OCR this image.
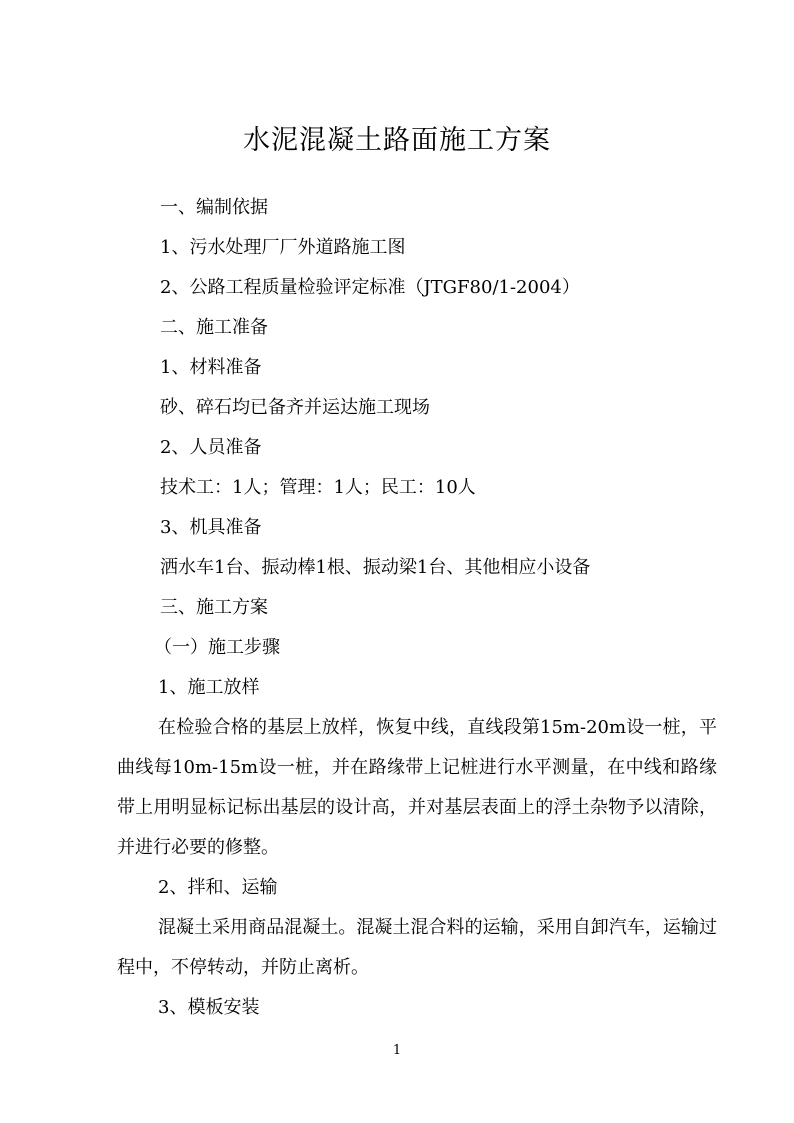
水泥混凝土路面施工方案
一、编制依据
1、污水处理厂厂外道路施工图
2、公路工程质量检验评定标准（JTGF80/1-2004）
二、施工准备
1、材料准备
砂、碎石均已备齐并运达施工现场
2、人员准备
技术工：1人；管理：1人；民工：10人
3、机具准备
洒水车1台、振动棒1根、振动梁1台、其他相应小设备
三、施工方案
（一）施工步骤
1、施工放样
在检验合格的基层上放样，恢复中线，直线段第15m-20m设一桩，平曲线每10m-15m设一桩，并在路缘带上记桩进行水平测量，在中线和路缘带上用明显标记标出基层的设计高，并对基层表面上的浮土杂物予以清除，并进行必要的修整。
2、拌和、运输
混凝土采用商品混凝土。混凝土混合料的运输，采用自卸汽车，运输过程中，不停转动，并防止离析。
3、模板安装
1
